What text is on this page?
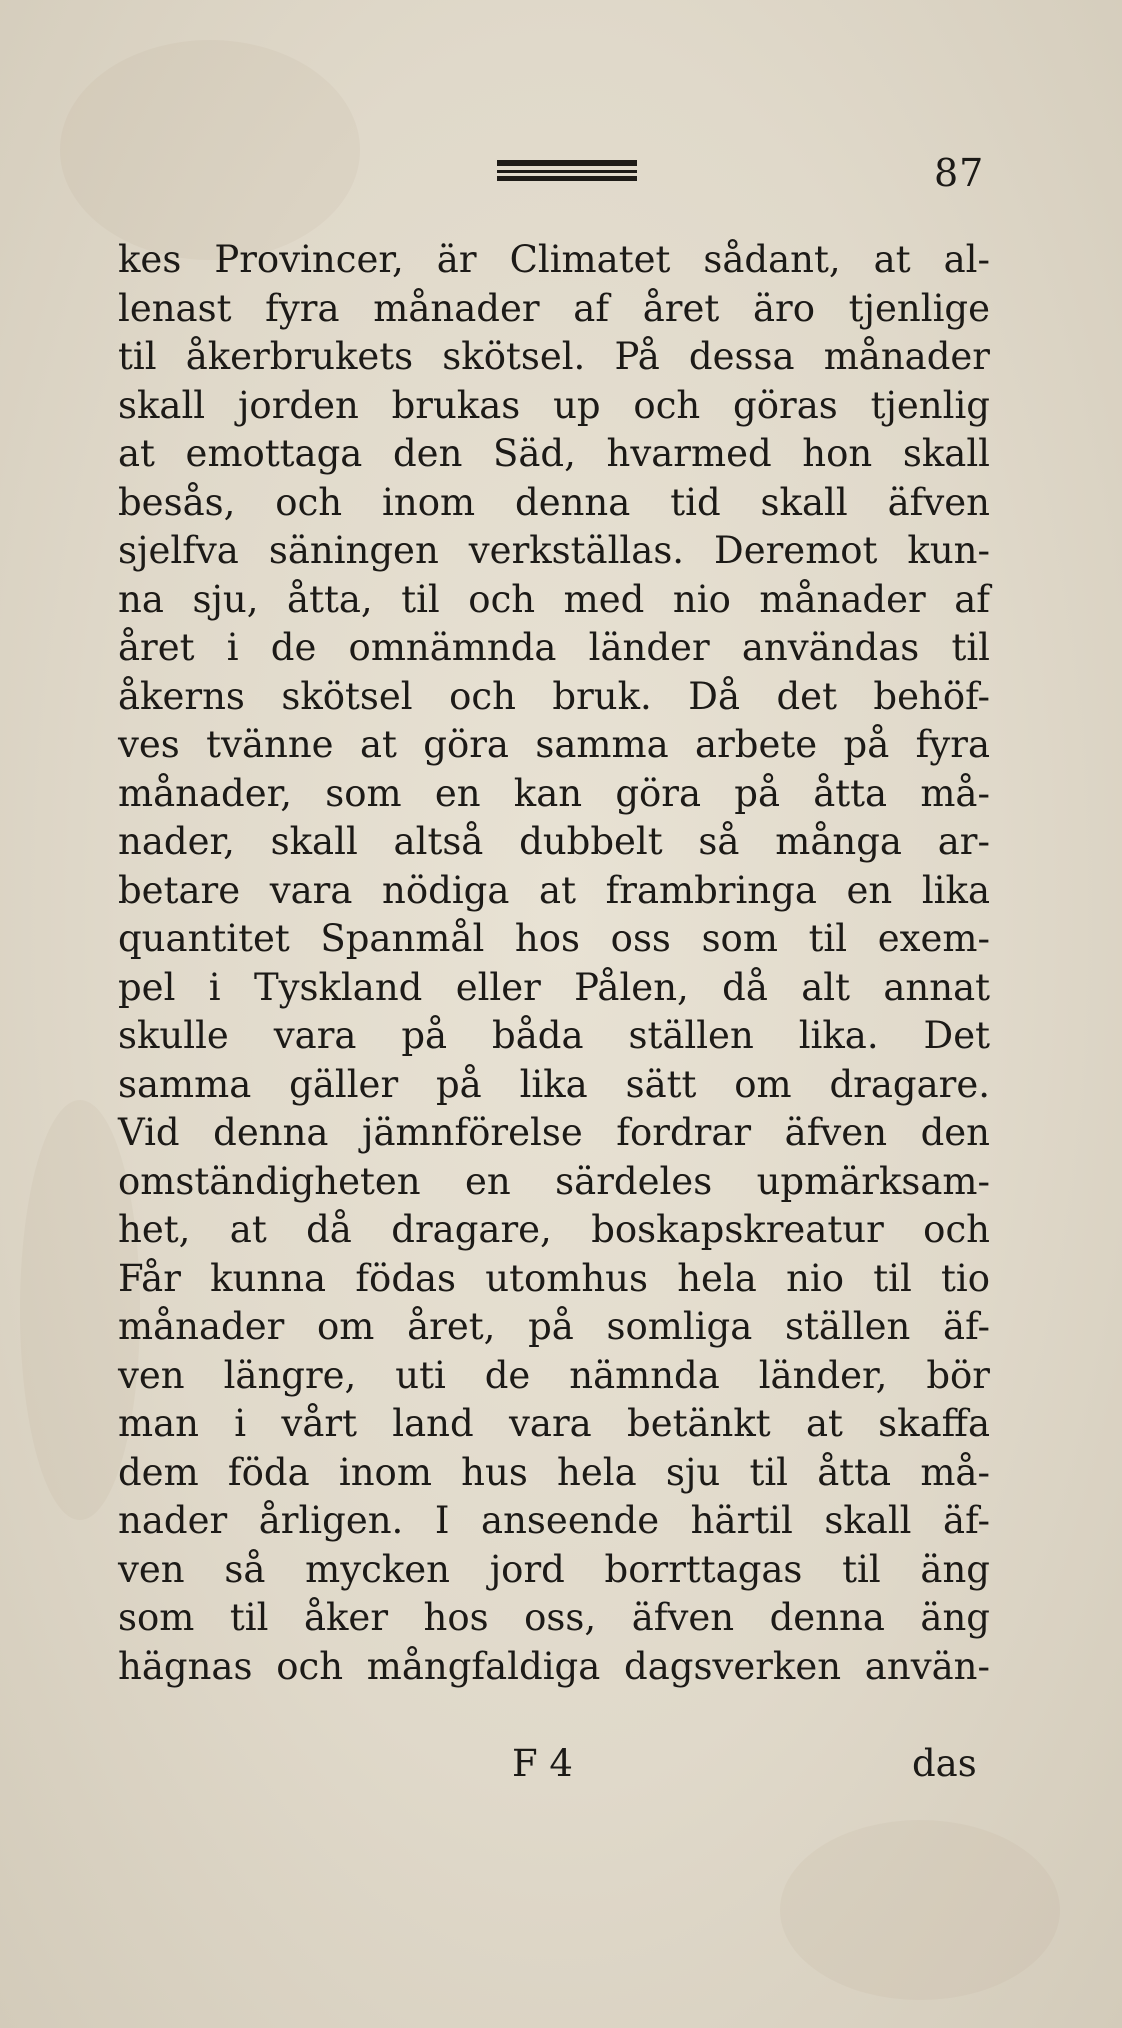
87
kes Provincer, är Climatet sådant, at al-
lenast fyra månader af året äro tjenlige
til åkerbrukets skötsel. På dessa månader
skall jorden brukas up och göras tjenlig
at emottaga den Säd, hvarmed hon skall
besås, och inom denna tid skall äfven
sjelfva säningen verkställas. Deremot kun-
na sju, åtta, til och med nio månader af
året i de omnämnda länder användas til
åkerns skötsel och bruk. Då det behöf-
ves tvänne at göra samma arbete på fyra
månader, som en kan göra på åtta må-
nader, skall altså dubbelt så många ar-
betare vara nödiga at frambringa en lika
quantitet Spanmål hos oss som til exem-
pel i Tyskland eller Pålen, då alt annat
skulle vara på båda ställen lika. Det
samma gäller på lika sätt om dragare.
Vid denna jämnförelse fordrar äfven den
omständigheten en särdeles upmärksam-
het, at då dragare, boskapskreatur och
Får kunna födas utomhus hela nio til tio
månader om året, på somliga ställen äf-
ven längre, uti de nämnda länder, bör
man i vårt land vara betänkt at skaffa
dem föda inom hus hela sju til åtta må-
nader årligen. I anseende härtil skall äf-
ven så mycken jord borrttagas til äng
som til åker hos oss, äfven denna äng
hägnas och mångfaldiga dagsverken använ-
F 4	das
